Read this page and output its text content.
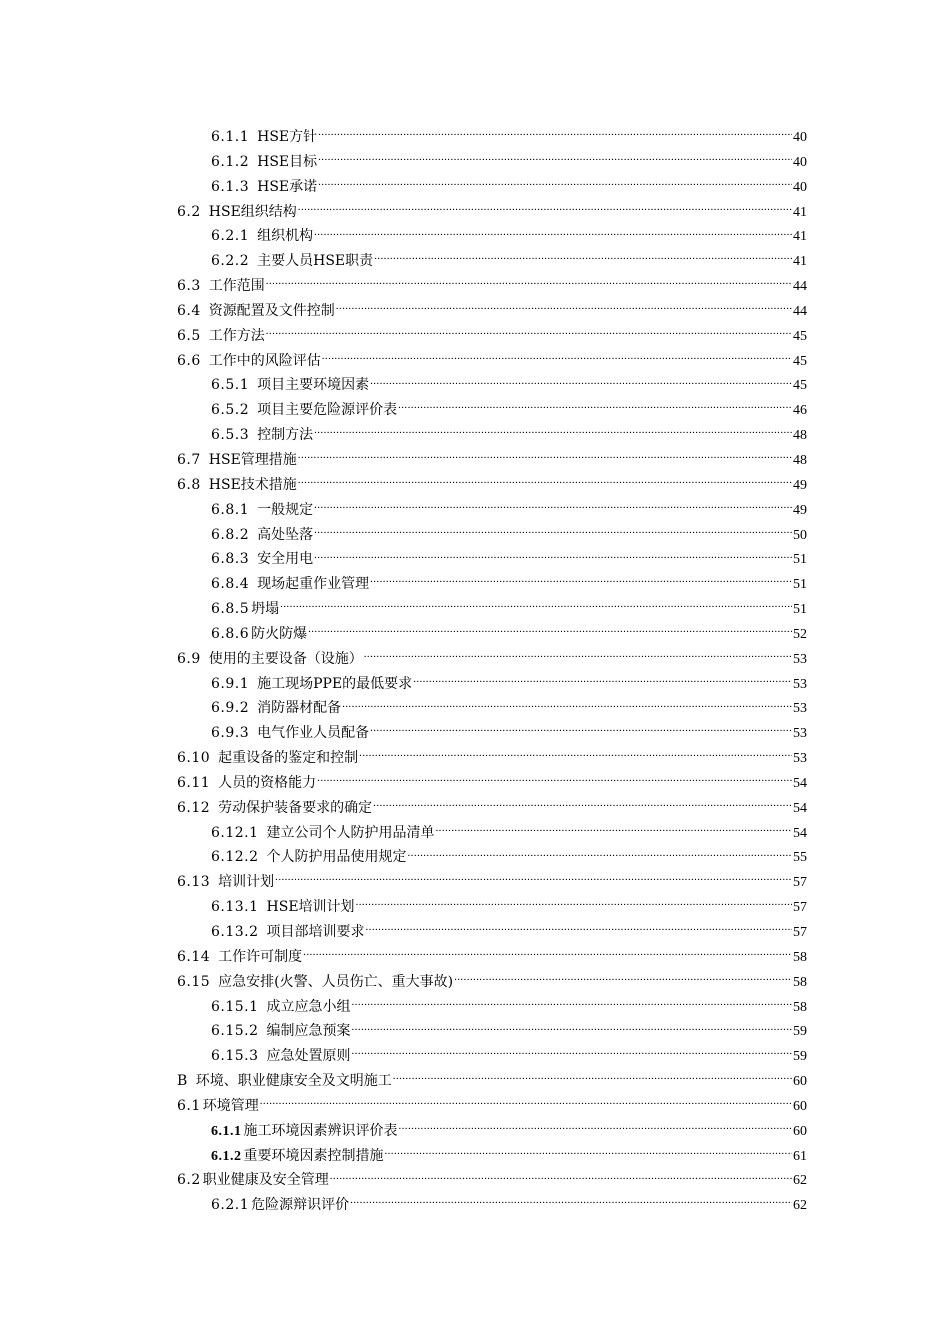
6.1.1 HSE方针 .....	40
6.1.2 HSE目标 .....	40
6.1.3 HSE承诺 .....	40
6.2 HSE组织结构 .....	41
6.2.1 组织机构 .....	41
6.2.2 主要人员HSE职责 .....	41
6.3 工作范围 .....	44
6.4 资源配置及文件控制 .....	44
6.5 工作方法 .....	45
6.6 工作中的风险评估 .....	45
6.5.1 项目主要环境因素 .....	45
6.5.2 项目主要危险源评价表 .....	46
6.5.3 控制方法 .....	48
6.7 HSE管理措施 .....	48
6.8 HSE技术措施 .....	49
6.8.1 一般规定 .....	49
6.8.2 高处坠落 .....	50
6.8.3 安全用电 .....	51
6.8.4 现场起重作业管理 .....	51
6.8.5 坍塌 .....	51
6.8.6 防火防爆 .....	52
6.9 使用的主要设备（设施） .....	53
6.9.1 施工现场PPE的最低要求 .....	53
6.9.2 消防器材配备 .....	53
6.9.3 电气作业人员配备 .....	53
6.10 起重设备的鉴定和控制 .....	53
6.11 人员的资格能力 .....	54
6.12 劳动保护装备要求的确定 .....	54
6.12.1 建立公司个人防护用品清单 .....	54
6.12.2 个人防护用品使用规定 .....	55
6.13 培训计划 .....	57
6.13.1 HSE培训计划 .....	57
6.13.2 项目部培训要求 .....	57
6.14 工作许可制度 .....	58
6.15 应急安排(火警、人员伤亡、重大事故) .....	58
6.15.1 成立应急小组 .....	58
6.15.2 编制应急预案 .....	59
6.15.3 应急处置原则 .....	59
B 环境、职业健康安全及文明施工 .....	60
6.1 环境管理 .....	60
6.1.1 施工环境因素辨识评价表 .....	60
6.1.2 重要环境因素控制措施 .....	61
6.2 职业健康及安全管理 .....	62
6.2.1 危险源辩识评价 .....	62
